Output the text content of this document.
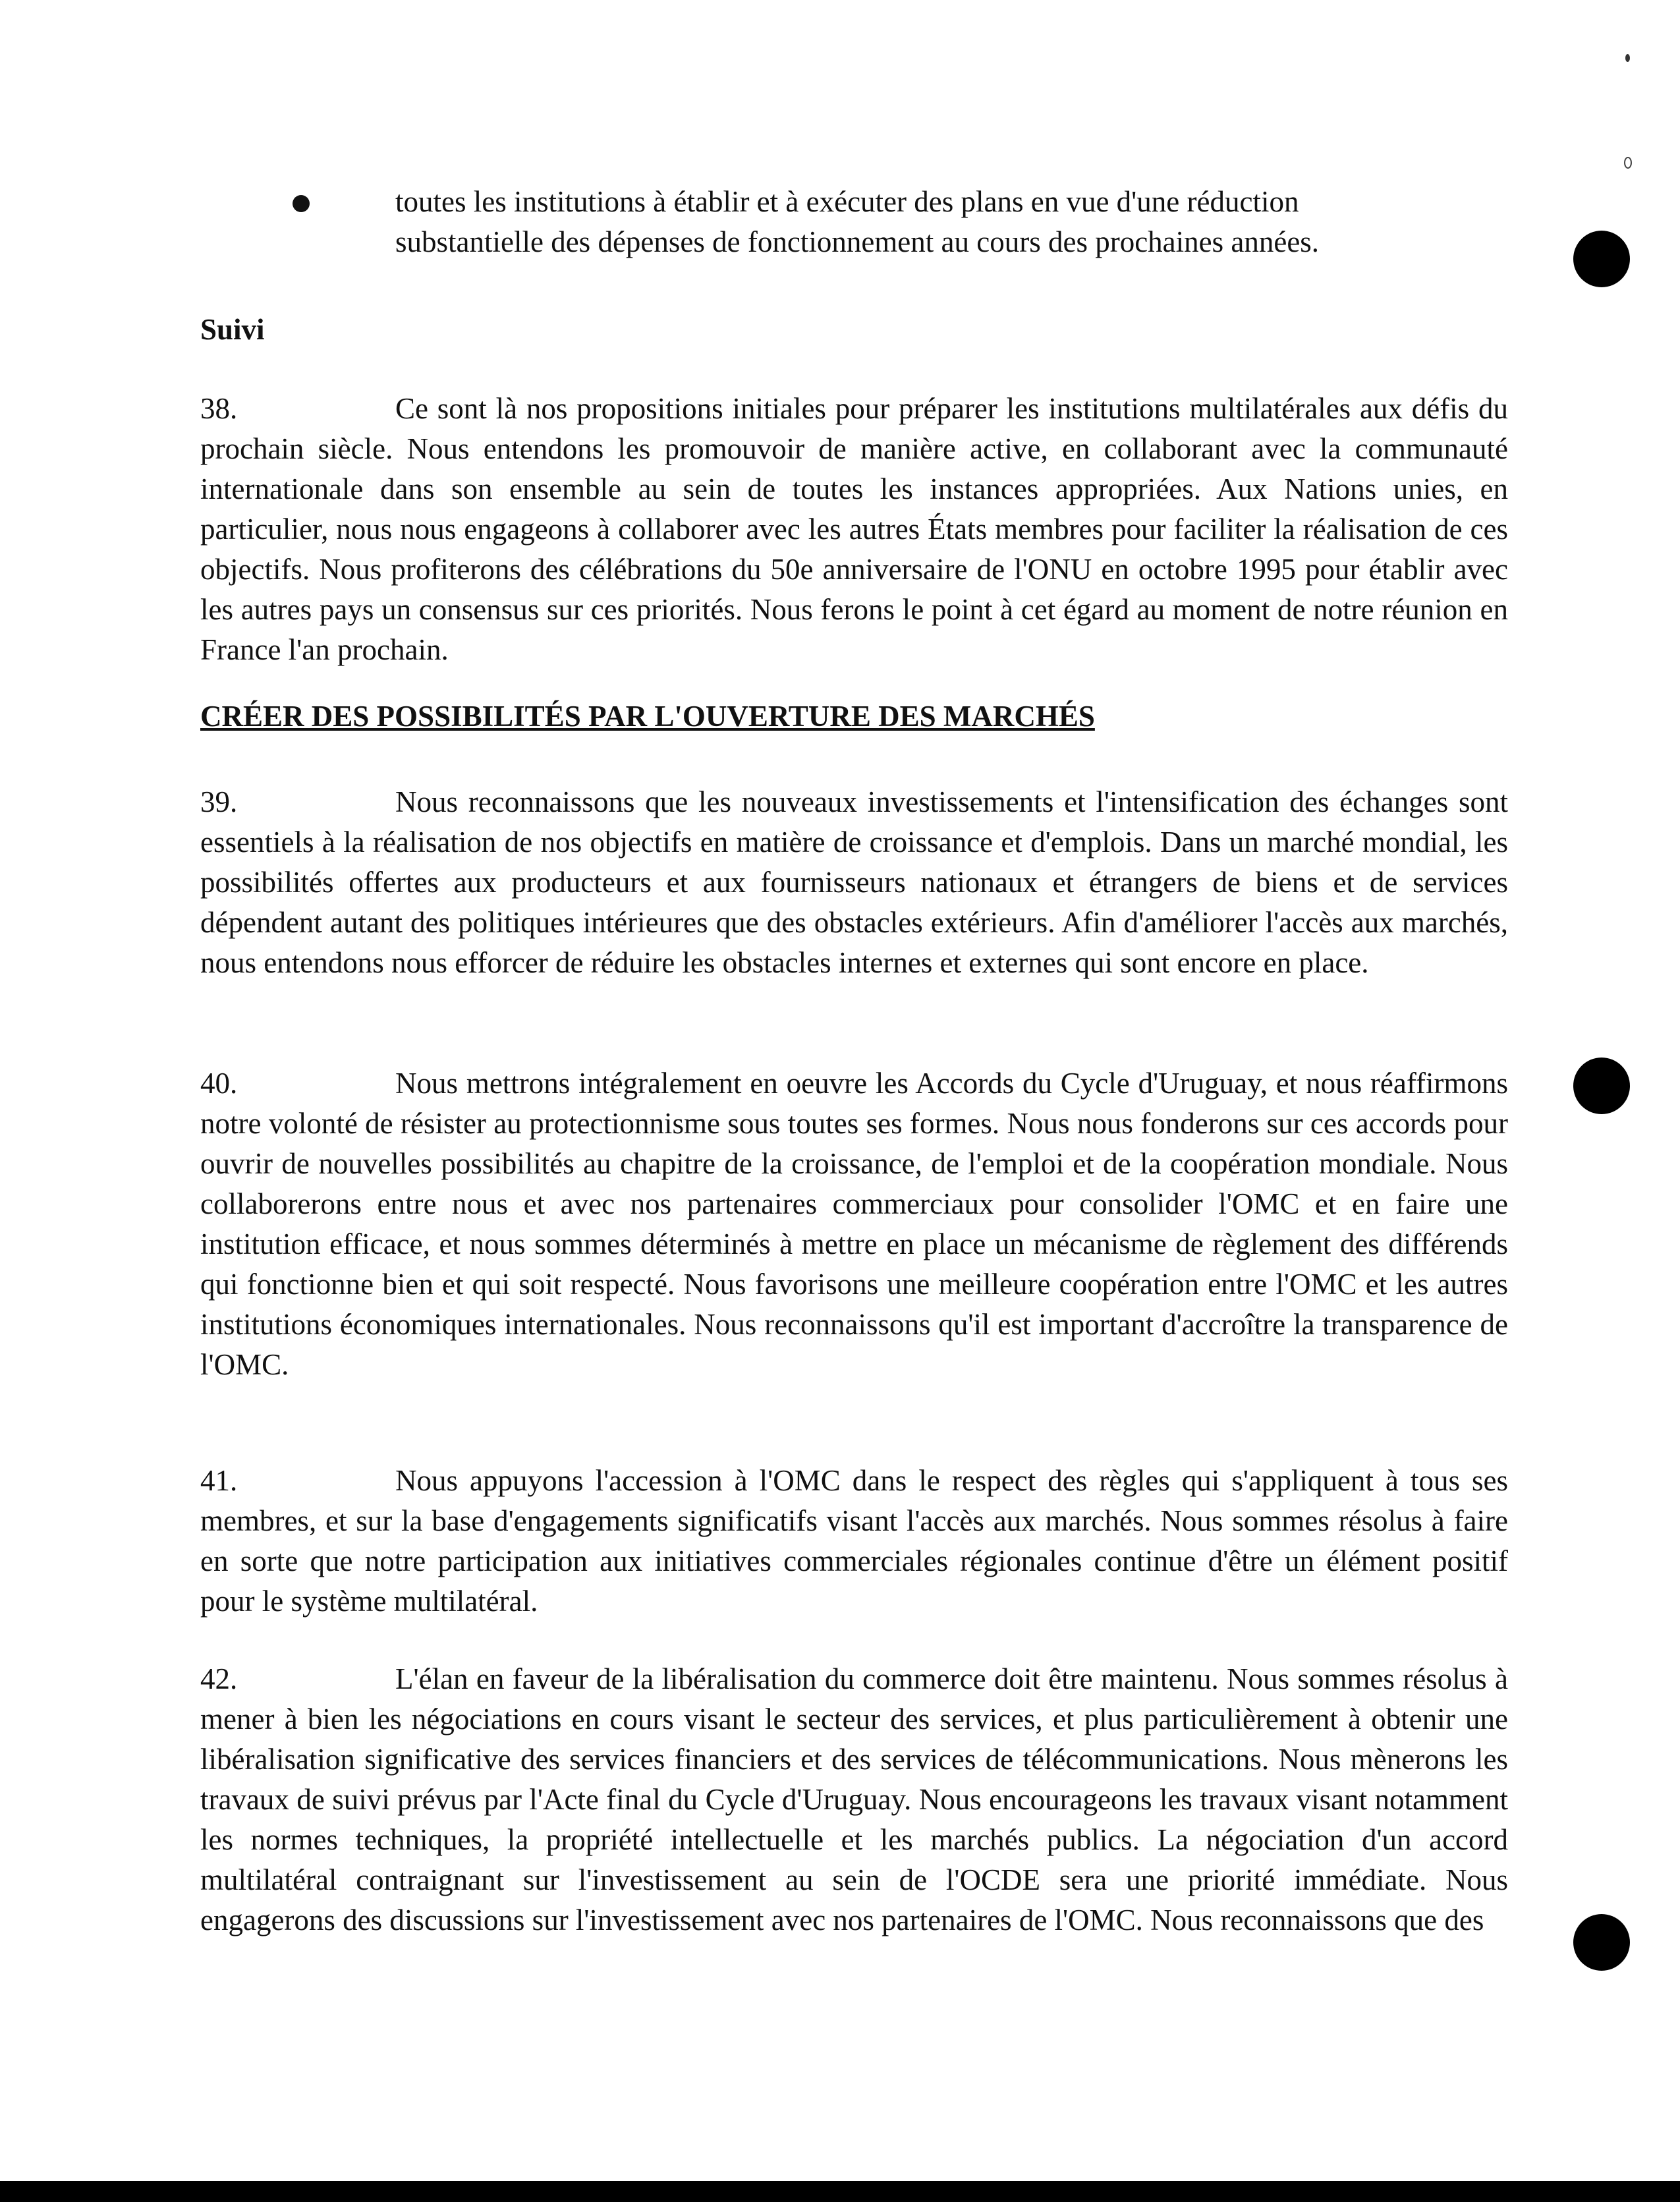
toutes les institutions à établir et à exécuter des plans en vue d'une réduction
substantielle des dépenses de fonctionnement au cours des prochaines années.
Suivi
38.	Ce sont là nos propositions initiales pour préparer les institutions multilatérales aux défis du prochain siècle. Nous entendons les promouvoir de manière active, en collaborant avec la communauté internationale dans son ensemble au sein de toutes les instances appropriées. Aux Nations unies, en particulier, nous nous engageons à collaborer avec les autres États membres pour faciliter la réalisation de ces objectifs. Nous profiterons des célébrations du 50e anniversaire de l'ONU en octobre 1995 pour établir avec les autres pays un consensus sur ces priorités. Nous ferons le point à cet égard au moment de notre réunion en France l'an prochain.
CRÉER DES POSSIBILITÉS PAR L'OUVERTURE DES MARCHÉS
39.	Nous reconnaissons que les nouveaux investissements et l'intensification des échanges sont essentiels à la réalisation de nos objectifs en matière de croissance et d'emplois. Dans un marché mondial, les possibilités offertes aux producteurs et aux fournisseurs nationaux et étrangers de biens et de services dépendent autant des politiques intérieures que des obstacles extérieurs. Afin d'améliorer l'accès aux marchés, nous entendons nous efforcer de réduire les obstacles internes et externes qui sont encore en place.
40.	Nous mettrons intégralement en oeuvre les Accords du Cycle d'Uruguay, et nous réaffirmons notre volonté de résister au protectionnisme sous toutes ses formes. Nous nous fonderons sur ces accords pour ouvrir de nouvelles possibilités au chapitre de la croissance, de l'emploi et de la coopération mondiale. Nous collaborerons entre nous et avec nos partenaires commerciaux pour consolider l'OMC et en faire une institution efficace, et nous sommes déterminés à mettre en place un mécanisme de règlement des différends qui fonctionne bien et qui soit respecté. Nous favorisons une meilleure coopération entre l'OMC et les autres institutions économiques internationales. Nous reconnaissons qu'il est important d'accroître la transparence de l'OMC.
41.	Nous appuyons l'accession à l'OMC dans le respect des règles qui s'appliquent à tous ses membres, et sur la base d'engagements significatifs visant l'accès aux marchés. Nous sommes résolus à faire en sorte que notre participation aux initiatives commerciales régionales continue d'être un élément positif pour le système multilatéral.
42.	L'élan en faveur de la libéralisation du commerce doit être maintenu. Nous sommes résolus à mener à bien les négociations en cours visant le secteur des services, et plus particulièrement à obtenir une libéralisation significative des services financiers et des services de télécommunications. Nous mènerons les travaux de suivi prévus par l'Acte final du Cycle d'Uruguay. Nous encourageons les travaux visant notamment les normes techniques, la propriété intellectuelle et les marchés publics. La négociation d'un accord multilatéral contraignant sur l'investissement au sein de l'OCDE sera une priorité immédiate. Nous engagerons des discussions sur l'investissement avec nos partenaires de l'OMC. Nous reconnaissons que des
